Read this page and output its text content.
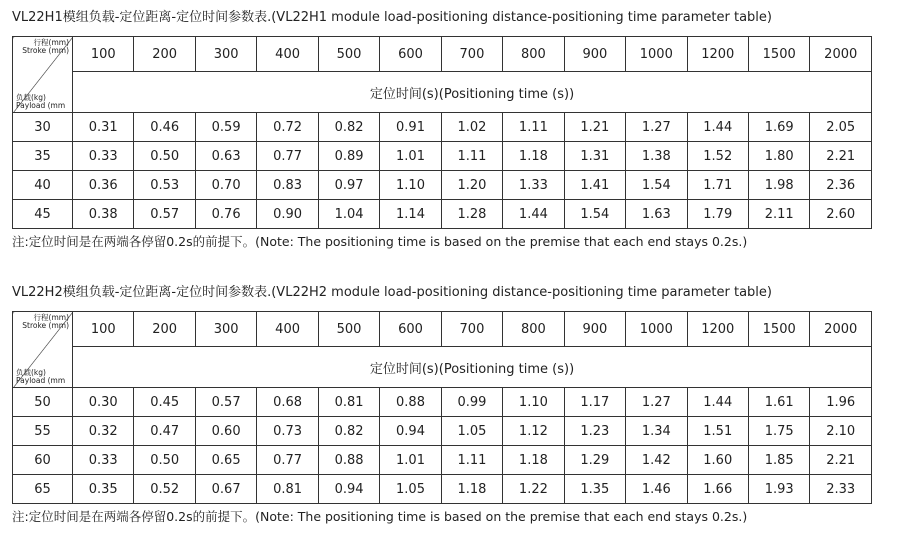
VL22H1模组负载-定位距离-定位时间参数表.(VL22H1 module load-positioning distance-positioning time parameter table)
行程(mm)
Stroke (mm)
负载(kg)
Payload (mm	100	200	300	400	500	600	700	800	900	1000	1200	1500	2000
	定位时间(s)(Positioning time (s))												
30	0.31	0.46	0.59	0.72	0.82	0.91	1.02	1.11	1.21	1.27	1.44	1.69	2.05
35	0.33	0.50	0.63	0.77	0.89	1.01	1.11	1.18	1.31	1.38	1.52	1.80	2.21
40	0.36	0.53	0.70	0.83	0.97	1.10	1.20	1.33	1.41	1.54	1.71	1.98	2.36
45	0.38	0.57	0.76	0.90	1.04	1.14	1.28	1.44	1.54	1.63	1.79	2.11	2.60
注:定位时间是在两端各停留0.2s的前提下。(Note: The positioning time is based on the premise that each end stays 0.2s.)
VL22H2模组负载-定位距离-定位时间参数表.(VL22H2 module load-positioning distance-positioning time parameter table)
行程(mm)
Stroke (mm)
负载(kg)
Payload (mm	100	200	300	400	500	600	700	800	900	1000	1200	1500	2000
	定位时间(s)(Positioning time (s))												
50	0.30	0.45	0.57	0.68	0.81	0.88	0.99	1.10	1.17	1.27	1.44	1.61	1.96
55	0.32	0.47	0.60	0.73	0.82	0.94	1.05	1.12	1.23	1.34	1.51	1.75	2.10
60	0.33	0.50	0.65	0.77	0.88	1.01	1.11	1.18	1.29	1.42	1.60	1.85	2.21
65	0.35	0.52	0.67	0.81	0.94	1.05	1.18	1.22	1.35	1.46	1.66	1.93	2.33
注:定位时间是在两端各停留0.2s的前提下。(Note: The positioning time is based on the premise that each end stays 0.2s.)
